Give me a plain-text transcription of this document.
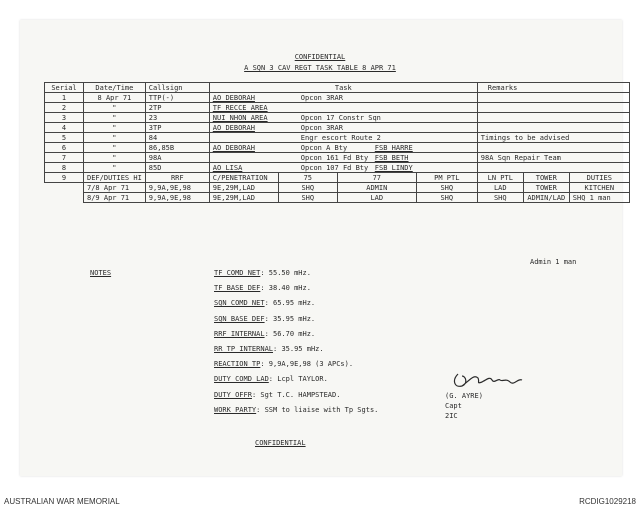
CONFIDENTIAL
A SQN 3 CAV REGT TASK TABLE 8 APR 71
Serial	Date/Time	Callsign	Task				Remarks		
1	8 Apr 71	TTP(-)	AO DEBORAH Opcon 3RAR						
2	"	2TP	TF RECCE AREA						
3	"	23	NUI NHON AREA Opcon 17 Constr Sqn						
4	"	3TP	AO DEBORAH Opcon 3RAR						
5	"	84	Engr escort Route 2				Timings to be advised		
6	"	86,85B	AO DEBORAH Opcon A Bty FSB HARRE						
7	"	98A	Opcon 161 Fd Bty FSB BETH				98A Sqn Repair Team		
8	"	85D	AO LISA Opcon 107 Fd Bty FSB LINDY						
9	DEF/DUTIES HI	RRF	C/PENETRATION	75	77	PM PTL	LN PTL	TOWER	DUTIES
	7/8 Apr 71	9,9A,9E,98	9E,29M,LAD	SHQ	ADMIN	SHQ	LAD	TOWER	KITCHEN
	8/9 Apr 71	9,9A,9E,98	9E,29M,LAD	SHQ	LAD	SHQ	SHQ	ADMIN/LAD	SHQ 1 man
Admin 1 man
NOTES	TF COMD NET: 55.50 mHz.
TF BASE DEF: 38.40 mHz.
SQN COMD NET: 65.95 mHz.
SQN BASE DEF: 35.95 mHz.
RRF INTERNAL: 56.70 mHz.
RR TP INTERNAL: 35.95 mHz.
REACTION TP: 9,9A,9E,98 (3 APCs).
DUTY COMD LAD: Lcpl TAYLOR.
DUTY OFFR: Sgt T.C. HAMPSTEAD.
WORK PARTY: SSM to liaise with Tp Sgts.
(G. AYRE)
Capt
2IC
CONFIDENTIAL
AUSTRALIAN WAR MEMORIAL	RCDIG1029218
